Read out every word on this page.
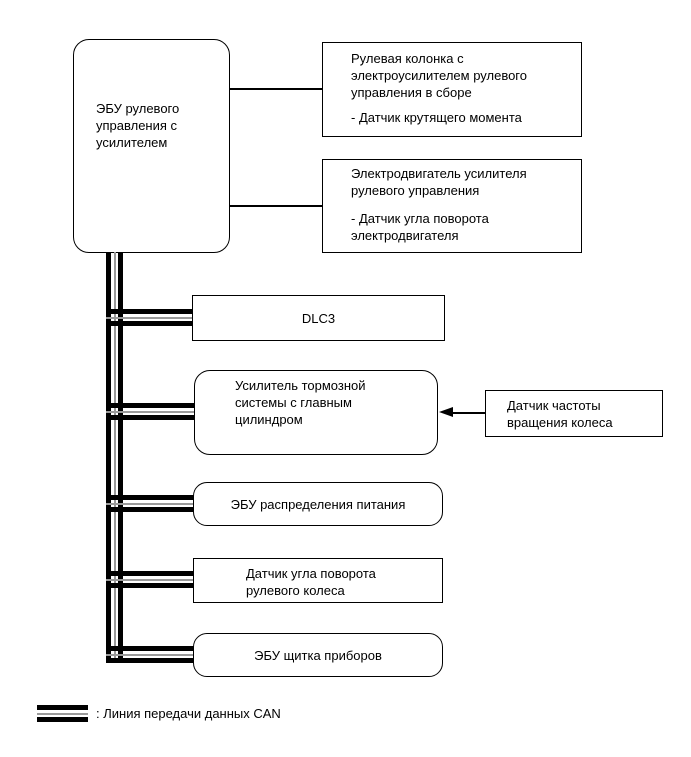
ЭБУ рулевого
управления с
усилителем
Рулевая колонка с
электроусилителем рулевого
управления в сборе
- Датчик крутящего момента
Электродвигатель усилителя
рулевого управления
- Датчик угла поворота
электродвигателя
DLC3
Усилитель тормозной
системы с главным
цилиндром
Датчик частоты
вращения колеса
ЭБУ распределения питания
Датчик угла поворота
рулевого колеса
ЭБУ щитка приборов
: Линия передачи данных CAN
